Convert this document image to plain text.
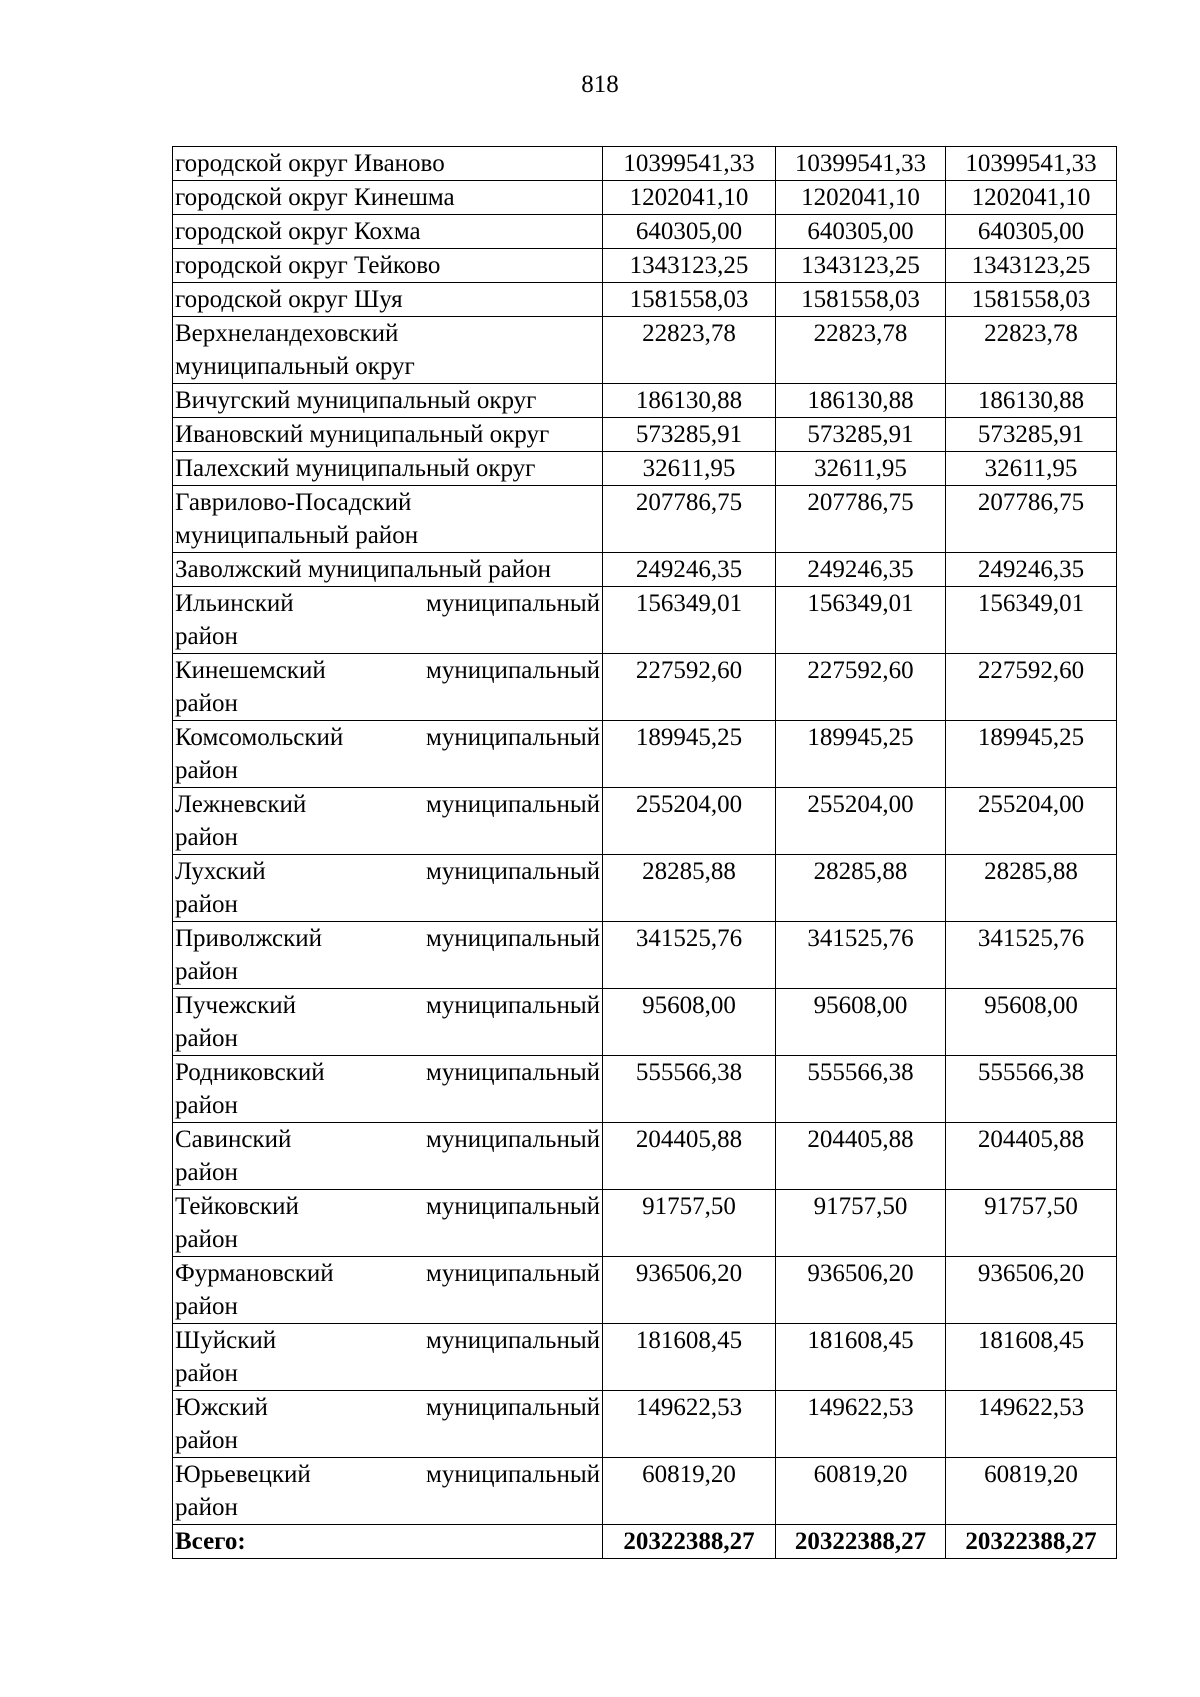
818
городской округ Иваново	10399541,33	10399541,33	10399541,33
городской округ Кинешма	1202041,10	1202041,10	1202041,10
городской округ Кохма	640305,00	640305,00	640305,00
городской округ Тейково	1343123,25	1343123,25	1343123,25
городской округ Шуя	1581558,03	1581558,03	1581558,03

Верхнеландеховский
муниципальный округ	22823,78	22823,78	22823,78
Вичугский муниципальный округ	186130,88	186130,88	186130,88
Ивановский муниципальный округ	573285,91	573285,91	573285,91
Палехский муниципальный округ	32611,95	32611,95	32611,95

Гаврилово-Посадский
муниципальный район	207786,75	207786,75	207786,75
Заволжский муниципальный район	249246,35	249246,35	249246,35

Ильинский муниципальный
район	156349,01	156349,01	156349,01

Кинешемский муниципальный
район	227592,60	227592,60	227592,60

Комсомольский муниципальный
район	189945,25	189945,25	189945,25

Лежневский муниципальный
район	255204,00	255204,00	255204,00

Лухский муниципальный
район	28285,88	28285,88	28285,88

Приволжский муниципальный
район	341525,76	341525,76	341525,76

Пучежский муниципальный
район	95608,00	95608,00	95608,00

Родниковский муниципальный
район	555566,38	555566,38	555566,38

Савинский муниципальный
район	204405,88	204405,88	204405,88

Тейковский муниципальный
район	91757,50	91757,50	91757,50

Фурмановский муниципальный
район	936506,20	936506,20	936506,20

Шуйский муниципальный
район	181608,45	181608,45	181608,45

Южский муниципальный
район	149622,53	149622,53	149622,53

Юрьевецкий муниципальный
район	60819,20	60819,20	60819,20
Всего:	20322388,27	20322388,27	20322388,27
